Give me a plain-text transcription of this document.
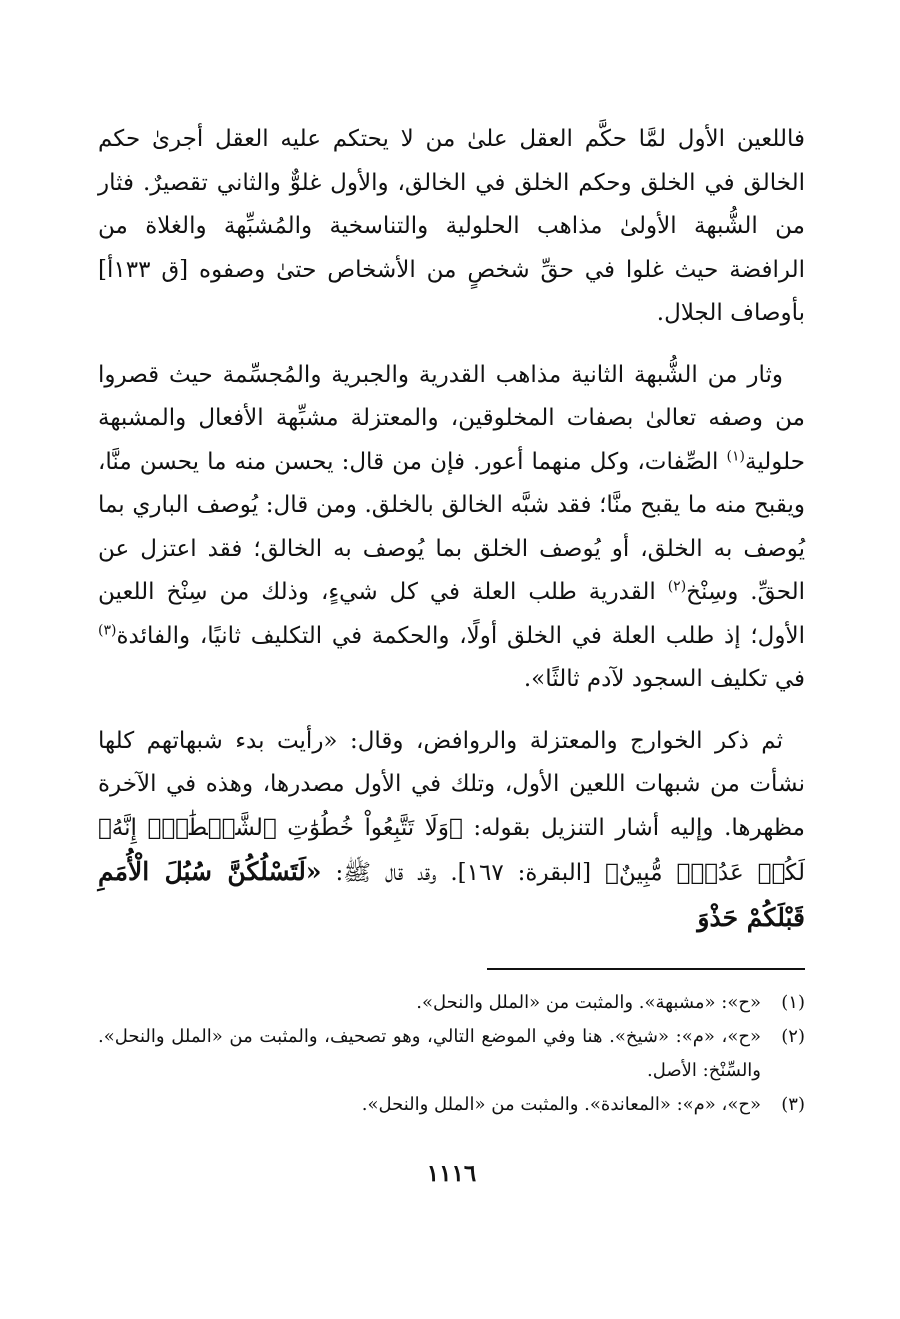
فاللعين الأول لمَّا حكَّم العقل علىٰ من لا يحتكم عليه العقل أجرىٰ حكم الخالق في الخلق وحكم الخلق في الخالق، والأول غلوٌّ والثاني تقصيرٌ. فثار من الشُّبهة الأولىٰ مذاهب الحلولية والتناسخية والمُشبِّهة والغلاة من الرافضة حيث غلوا في حقِّ شخصٍ من الأشخاص حتىٰ وصفوه [ق ١٣٣أ] بأوصاف الجلال.

وثار من الشُّبهة الثانية مذاهب القدرية والجبرية والمُجسِّمة حيث قصروا من وصفه تعالىٰ بصفات المخلوقين، والمعتزلة مشبِّهة الأفعال والمشبهة حلولية$^{(١)}$ الصِّفات، وكل منهما أعور. فإن من قال: يحسن منه ما يحسن منَّا، ويقبح منه ما يقبح منَّا؛ فقد شبَّه الخالق بالخلق. ومن قال: يُوصف الباري بما يُوصف به الخلق، أو يُوصف الخلق بما يُوصف به الخالق؛ فقد اعتزل عن الحقِّ. وسِنْخ$^{(٢)}$ القدرية طلب العلة في كل شيءٍ، وذلك من سِنْخ اللعين الأول؛ إذ طلب العلة في الخلق أولًا، والحكمة في التكليف ثانيًا، والفائدة$^{(٣)}$ في تكليف السجود لآدم ثالثًا».

ثم ذكر الخوارج والمعتزلة والروافض، وقال: «رأيت بدء شبهاتهم كلها نشأت من شبهات اللعين الأول، وتلك في الأول مصدرها، وهذه في الآخرة مظهرها. وإليه أشار التنزيل بقوله: ﴿وَلَا تَتَّبِعُواْ خُطُوَٰتِ ٱلشَّيۡطَٰنِۚ إِنَّهُۥ لَكُمۡ عَدُوّٞ مُّبِينٌ﴾ [البقرة: ١٦٧]. وقد قال ﷺ: «لَتَسْلُكُنَّ سُبُلَ الْأُمَمِ قَبْلَكُمْ حَذْوَ

(١)
«ح»: «مشبهة». والمثبت من «الملل والنحل».
(٢)
«ح»، «م»: «شيخ». هنا وفي الموضع التالي، وهو تصحيف، والمثبت من «الملل والنحل». والسِّنْخ: الأصل.
(٣)
«ح»، «م»: «المعاندة». والمثبت من «الملل والنحل».
١١١٦
